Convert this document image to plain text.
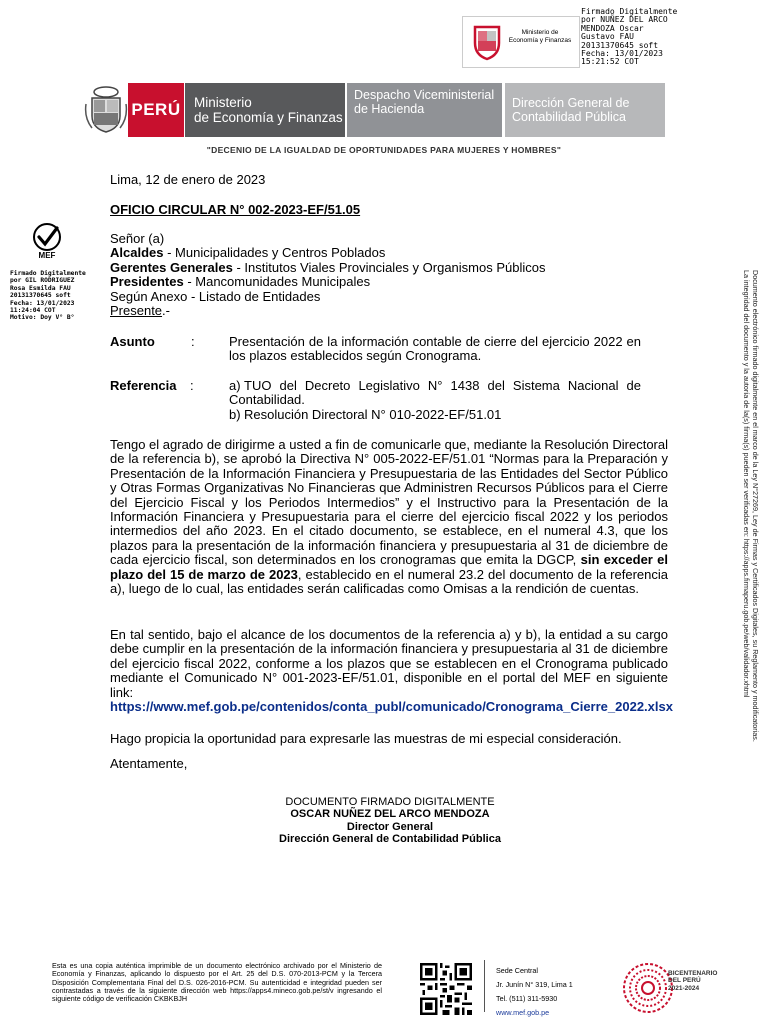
Ministerio de Economía y Finanzas
Firmado Digitalmente
por NUÑEZ DEL ARCO
MENDOZA Oscar
Gustavo FAU
20131370645 soft
Fecha: 13/01/2023
15:21:52 COT
PERÚ Ministerio
de Economía y Finanzas
Despacho Viceministerial de Hacienda	Dirección General de Contabilidad Pública
"DECENIO DE LA IGUALDAD DE OPORTUNIDADES PARA MUJERES Y HOMBRES"
MEF
Firmado Digitalmente
por GIL RODRIGUEZ
Rosa Esmilda FAU
20131370645 soft
Fecha: 13/01/2023
11:24:04 COT
Motivo: Doy V° B°
Documento electrónico firmado digitalmente en el marco de la Ley N°27269, Ley de Firmas y Certificados Digitales, su Reglamento y modificatorias.
La integridad del documento y la autoría de la(s) firma(s) pueden ser verificadas en: https://apps.firmaperu.gob.pe/web/validador.xhtml
Lima, 12 de enero de 2023
OFICIO CIRCULAR N° 002-2023-EF/51.05
Señor (a)
Alcaldes - Municipalidades y Centros Poblados
Gerentes Generales - Institutos Viales Provinciales y Organismos Públicos
Presidentes - Mancomunidades Municipales
Según Anexo - Listado de Entidades
Presente.-
Asunto	:	Presentación de la información contable de cierre del ejercicio 2022 en los plazos establecidos según Cronograma.
Referencia :	a) TUO del Decreto Legislativo N° 1438 del Sistema Nacional de Contabilidad.
b) Resolución Directoral N° 010-2022-EF/51.01
Tengo el agrado de dirigirme a usted a fin de comunicarle que, mediante la Resolución Directoral de la referencia b), se aprobó la Directiva N° 005-2022-EF/51.01 “Normas para la Preparación y Presentación de la Información Financiera y Presupuestaria de las Entidades del Sector Público y Otras Formas Organizativas No Financieras que Administren Recursos Públicos para el Cierre del Ejercicio Fiscal y los Periodos Intermedios” y el Instructivo para la Presentación de la Información Financiera y Presupuestaria para el cierre del ejercicio fiscal 2022 y los periodos intermedios del año 2023. En el citado documento, se establece, en el numeral 4.3, que los plazos para la presentación de la información financiera y presupuestaria al 31 de diciembre de cada ejercicio fiscal, son determinados en los cronogramas que emita la DGCP, sin exceder el plazo del 15 de marzo de 2023, establecido en el numeral 23.2 del documento de la referencia a), luego de lo cual, las entidades serán calificadas como Omisas a la rendición de cuentas.
En tal sentido, bajo el alcance de los documentos de la referencia a) y b), la entidad a su cargo debe cumplir en la presentación de la información financiera y presupuestaria al 31 de diciembre del ejercicio fiscal 2022, conforme a los plazos que se establecen en el Cronograma publicado mediante el Comunicado N° 001-2023-EF/51.01, disponible en el portal del MEF en siguiente link:
https://www.mef.gob.pe/contenidos/conta_publ/comunicado/Cronograma_Cierre_2022.xlsx
Hago propicia la oportunidad para expresarle las muestras de mi especial consideración.
Atentamente,
DOCUMENTO FIRMADO DIGITALMENTE
OSCAR NUÑEZ DEL ARCO MENDOZA
Director General
Dirección General de Contabilidad Pública
Esta es una copia auténtica imprimible de un documento electrónico archivado por el Ministerio de Economía y Finanzas, aplicando lo dispuesto por el Art. 25 del D.S. 070-2013-PCM y la Tercera Disposición Complementaria Final del D.S. 026-2016-PCM. Su autenticidad e integridad pueden ser contrastadas a través de la siguiente dirección web https://apps4.mineco.gob.pe/st/v ingresando el siguiente código de verificación CKBKBJH
Sede Central
Jr. Junín N° 319, Lima 1
Tel. (511) 311-5930
www.mef.gob.pe
BICENTENARIO
DEL PERÚ
2021-2024
